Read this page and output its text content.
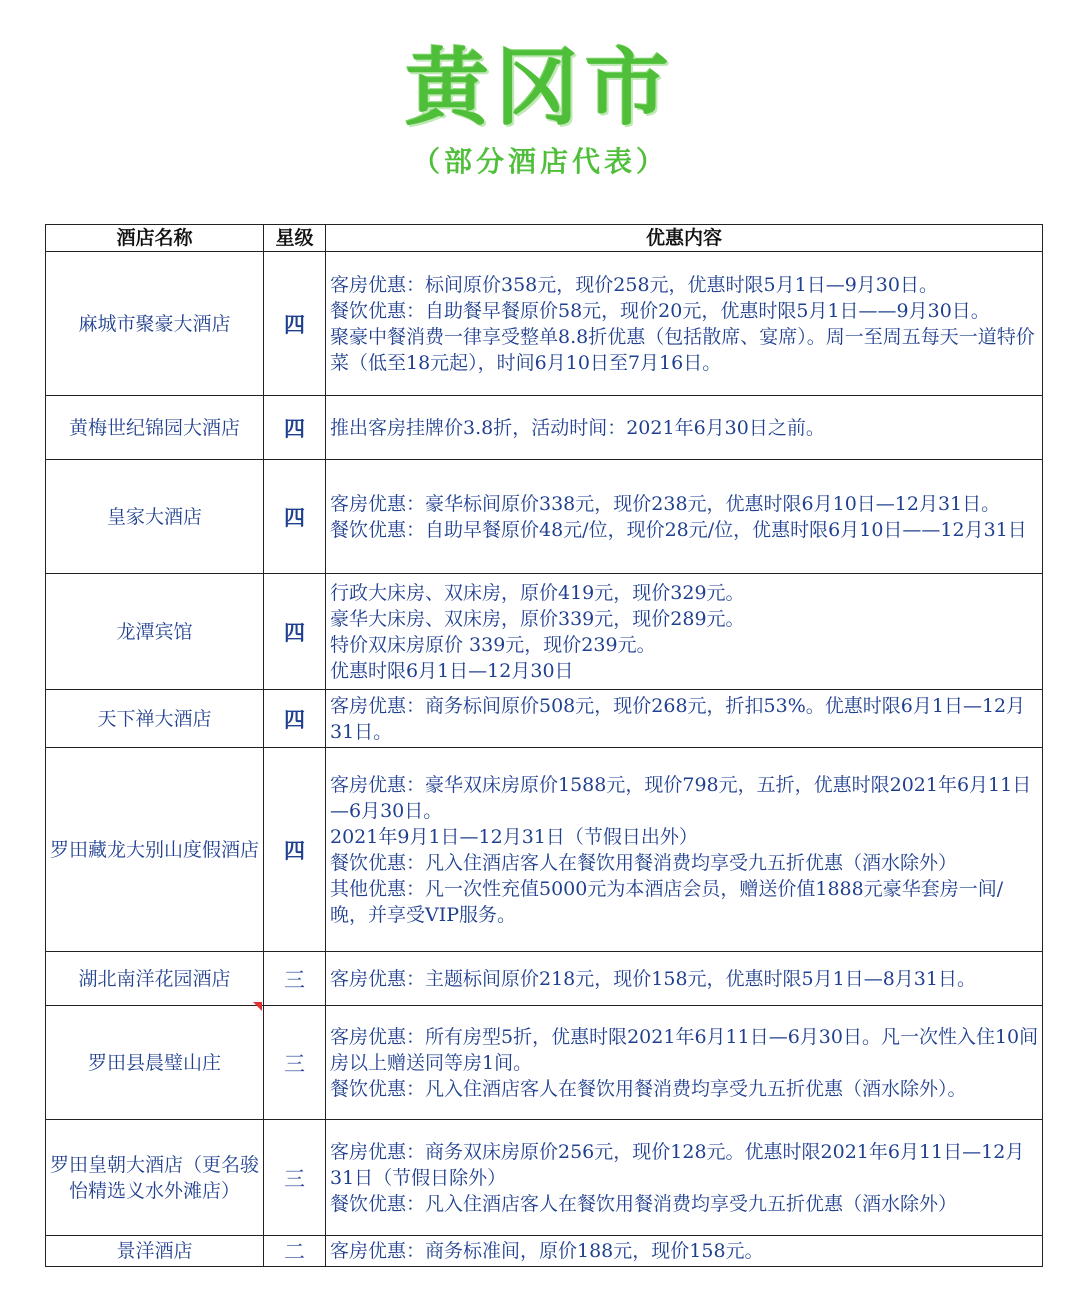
黄冈市
（部分酒店代表）
酒店名称	星级	优惠内容
麻城市聚豪大酒店	四	客房优惠：标间原价358元，现价258元，优惠时限5月1日—9月30日。
餐饮优惠：自助餐早餐原价58元，现价20元，优惠时限5月1日——9月30日。
聚豪中餐消费一律享受整单8.8折优惠（包括散席、宴席）。周一至周五每天一道特价菜（低至18元起），时间6月10日至7月16日。

黄梅世纪锦园大酒店	四	推出客房挂牌价3.8折，活动时间：2021年6月30日之前。

皇家大酒店	四	客房优惠：豪华标间原价338元，现价238元，优惠时限6月10日—12月31日。
餐饮优惠：自助早餐原价48元/位，现价28元/位，优惠时限6月10日——12月31日

龙潭宾馆	四	行政大床房、双床房，原价419元，现价329元。
豪华大床房、双床房，原价339元，现价289元。
特价双床房原价 339元，现价239元。
优惠时限6月1日—12月30日

天下禅大酒店	四	客房优惠：商务标间原价508元，现价268元，折扣53%。优惠时限6月1日—12月31日。

罗田藏龙大别山度假酒店	四	客房优惠：豪华双床房原价1588元，现价798元，五折，优惠时限2021年6月11日—6月30日。
2021年9月1日—12月31日（节假日出外）
餐饮优惠：凡入住酒店客人在餐饮用餐消费均享受九五折优惠（酒水除外）
其他优惠：凡一次性充值5000元为本酒店会员，赠送价值1888元豪华套房一间/晚，并享受VIP服务。

湖北南洋花园酒店	三	客房优惠：主题标间原价218元，现价158元，优惠时限5月1日—8月31日。

罗田县晨璧山庄	三	客房优惠：所有房型5折，优惠时限2021年6月11日—6月30日。凡一次性入住10间房以上赠送同等房1间。
餐饮优惠：凡入住酒店客人在餐饮用餐消费均享受九五折优惠（酒水除外）。

罗田皇朝大酒店（更名骏怡精选义水外滩店）	三	客房优惠：商务双床房原价256元，现价128元。优惠时限2021年6月11日—12月31日（节假日除外）
餐饮优惠：凡入住酒店客人在餐饮用餐消费均享受九五折优惠（酒水除外）

景洋酒店	二	客房优惠：商务标准间，原价188元，现价158元。
